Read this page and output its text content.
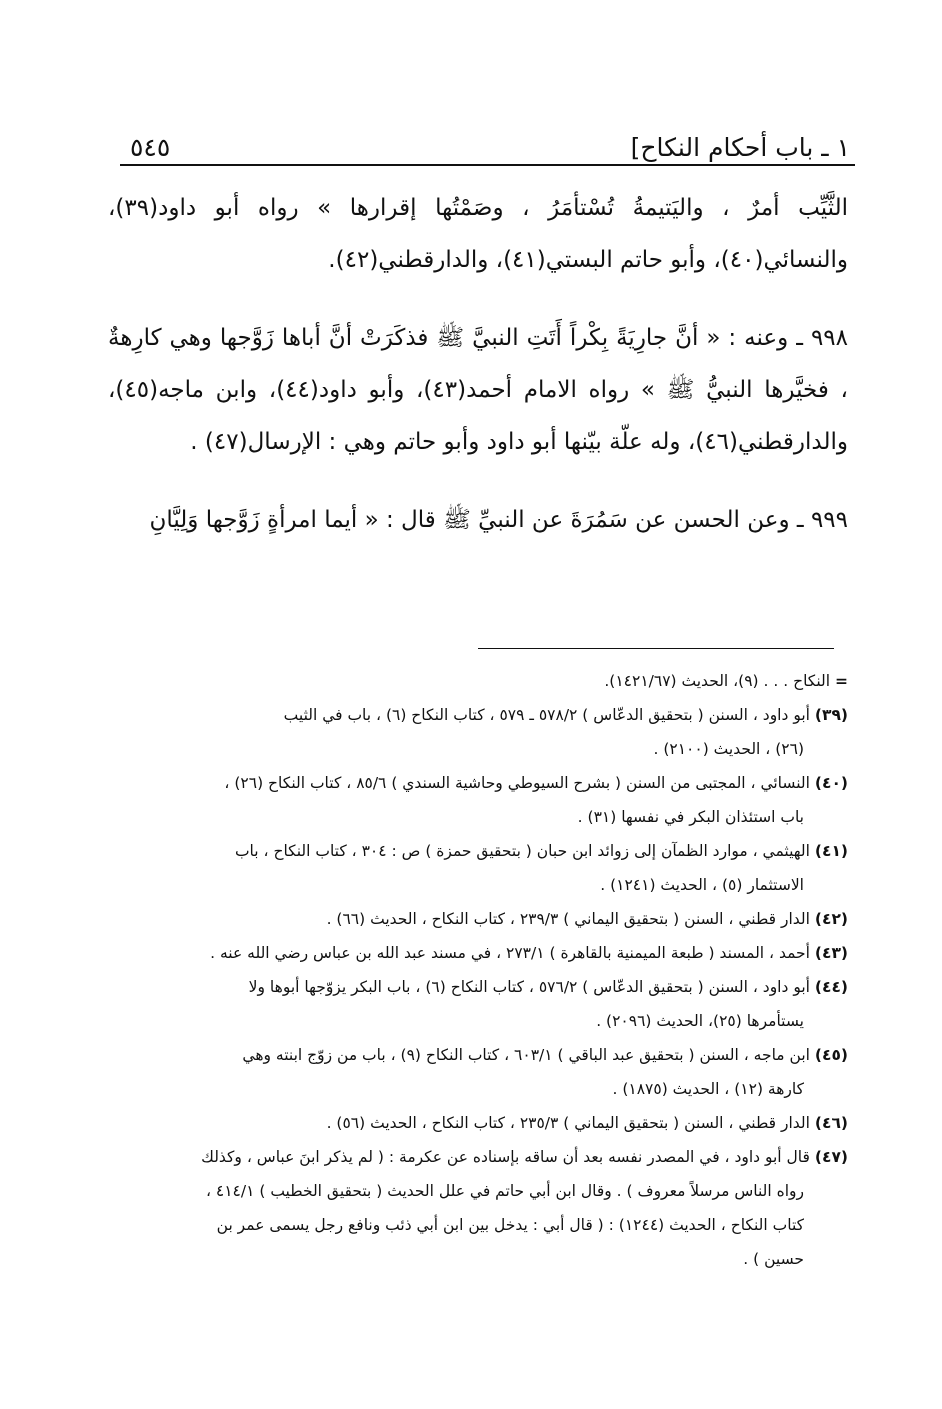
١ ـ باب أحكام النكاح]
٥٤٥

الثَّيِّب أمرٌ ، واليَتيمةُ تُسْتأمَرُ ، وصَمْتُها إقرارها » رواه أبو داود(٣٩)، والنسائي(٤٠)، وأبو حاتم البستي(٤١)، والدارقطني(٤٢).

٩٩٨ ـ وعنه : « أنَّ جارِيَةً بِكْراً أَتَتِ النبيَّ ﷺ فذكَرَتْ أنَّ أباها زَوَّجها وهي كارِهةٌ ، فخيَّرها النبيُّ ﷺ » رواه الامام أحمد(٤٣)، وأبو داود(٤٤)، وابن ماجه(٤٥)، والدارقطني(٤٦)، وله علّة بيّنها أبو داود وأبو حاتم وهي : الإرسال(٤٧) .

٩٩٩ ـ وعن الحسن عن سَمُرَةَ عن النبيِّ ﷺ قال : « أيما امرأةٍ زَوَّجها وَلِيَّانِ

= النكاح . . . (٩)، الحديث (١٤٢١/٦٧).
(٣٩) أبو داود ، السنن ( بتحقيق الدعّاس ) ٥٧٨/٢ ـ ٥٧٩ ، كتاب النكاح (٦) ، باب في الثيب
(٢٦) ، الحديث (٢١٠٠) .
(٤٠) النسائي ، المجتبى من السنن ( بشرح السيوطي وحاشية السندي ) ٨٥/٦ ، كتاب النكاح (٢٦) ،
باب استئذان البكر في نفسها (٣١) .
(٤١) الهيثمي ، موارد الظمآن إلى زوائد ابن حبان ( بتحقيق حمزة ) ص : ٣٠٤ ، كتاب النكاح ، باب
الاستثمار (٥) ، الحديث (١٢٤١) .
(٤٢) الدار قطني ، السنن ( بتحقيق اليماني ) ٢٣٩/٣ ، كتاب النكاح ، الحديث (٦٦) .
(٤٣) أحمد ، المسند ( طبعة الميمنية بالقاهرة ) ٢٧٣/١ ، في مسند عبد الله بن عباس رضي الله عنه .
(٤٤) أبو داود ، السنن ( بتحقيق الدعّاس ) ٥٧٦/٢ ، كتاب النكاح (٦) ، باب البكر يزوّجها أبوها ولا
يستأمرها (٢٥)، الحديث (٢٠٩٦) .
(٤٥) ابن ماجه ، السنن ( بتحقيق عبد الباقي ) ٦٠٣/١ ، كتاب النكاح (٩) ، باب من زوّج ابنته وهي
كارهة (١٢) ، الحديث (١٨٧٥) .
(٤٦) الدار قطني ، السنن ( بتحقيق اليماني ) ٢٣٥/٣ ، كتاب النكاح ، الحديث (٥٦) .
(٤٧) قال أبو داود ، في المصدر نفسه بعد أن ساقه بإسناده عن عكرمة : ( لم يذكر ابنَ عباس ، وكذلك
رواه الناس مرسلاً معروف ) . وقال ابن أبي حاتم في علل الحديث ( بتحقيق الخطيب ) ٤١٤/١ ،
كتاب النكاح ، الحديث (١٢٤٤) : ( قال أبي : يدخل بين ابن أبي ذئب ونافع رجل يسمى عمر بن
حسين ) .
